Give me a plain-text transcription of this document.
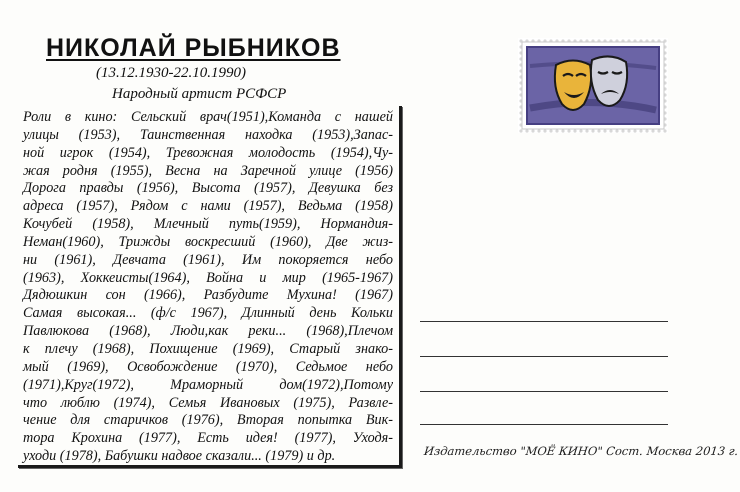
НИКОЛАЙ РЫБНИКОВ
(13.12.1930-22.10.1990)
Народный артист РСФСР
Роли в кино: Сельский врач(1951),Команда с нашей
улицы (1953), Таинственная находка (1953),Запас-
ной игрок (1954), Тревожная молодость (1954),Чу-
жая родня (1955), Весна на Заречной улице (1956)
Дорога правды (1956), Высота (1957), Девушка без
адреса (1957), Рядом с нами (1957), Ведьма (1958)
Кочубей (1958), Млечный путь(1959), Нормандия-
Неман(1960), Трижды воскресший (1960), Две жиз-
ни (1961), Девчата (1961), Им покоряется небо
(1963), Хоккеисты(1964), Война и мир (1965-1967)
Дядюшкин сон (1966), Разбудите Мухина! (1967)
Самая высокая... (ф/с 1967), Длинный день Кольки
Павлюкова (1968), Люди,как реки... (1968),Плечом
к плечу (1968), Похищение (1969), Старый знако-
мый (1969), Освобождение (1970), Седьмое небо
(1971),Круг(1972), Мраморный дом(1972),Потому
что люблю (1974), Семья Ивановых (1975), Развле-
чение для старичков (1976), Вторая попытка Вик-
тора Крохина (1977), Есть идея! (1977), Уходя-
уходи (1978), Бабушки надвое сказали... (1979) и др.	Издательство "МОЁ КИНО" Сост. Москва 2013 г.
